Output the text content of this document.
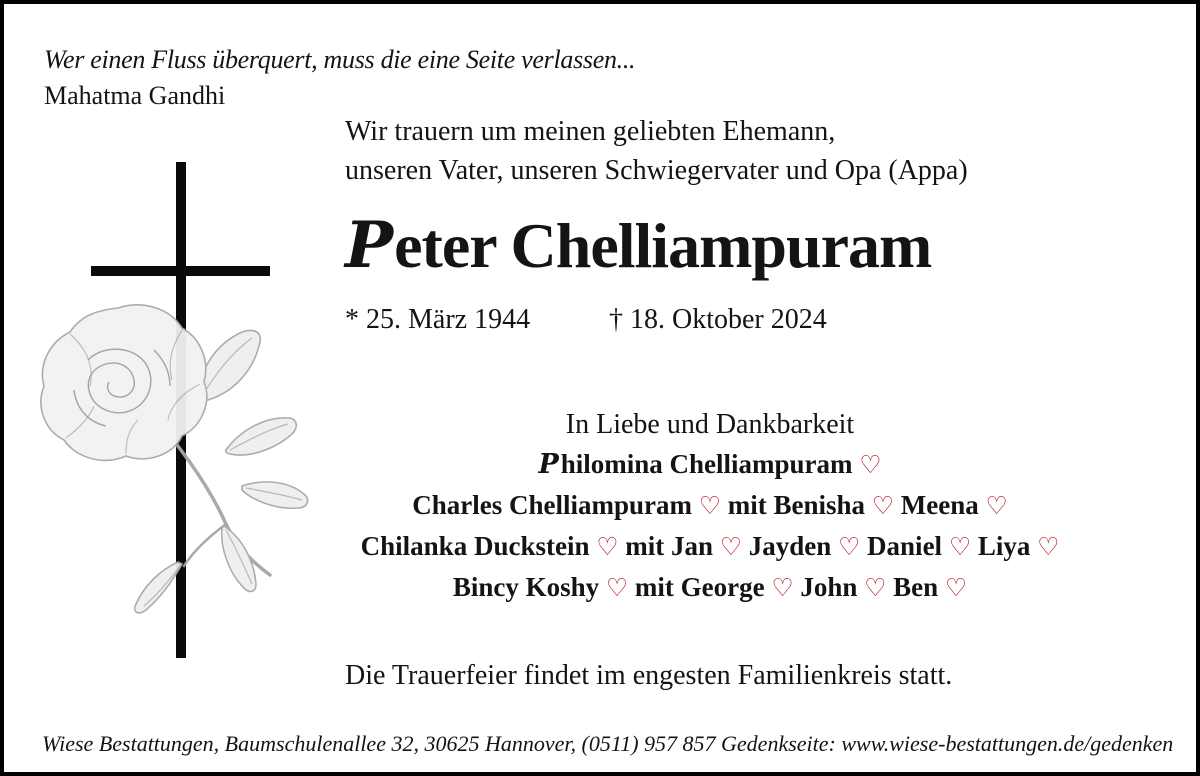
Wer einen Fluss überquert, muss die eine Seite verlassen...
Mahatma Gandhi
Wir trauern um meinen geliebten Ehemann,
unseren Vater, unseren Schwiegervater und Opa (Appa)
Peter Chelliampuram
* 25. März 1944	† 18. Oktober 2024
In Liebe und Dankbarkeit
Philomina Chelliampuram ♡
Charles Chelliampuram ♡ mit Benisha ♡ Meena ♡
Chilanka Duckstein ♡ mit Jan ♡ Jayden ♡ Daniel ♡ Liya ♡
Bincy Koshy ♡ mit George ♡ John ♡ Ben ♡
Die Trauerfeier findet im engesten Familienkreis statt.
Wiese Bestattungen, Baumschulenallee 32, 30625 Hannover, (0511) 957 857 Gedenkseite: www.wiese-bestattungen.de/gedenken
